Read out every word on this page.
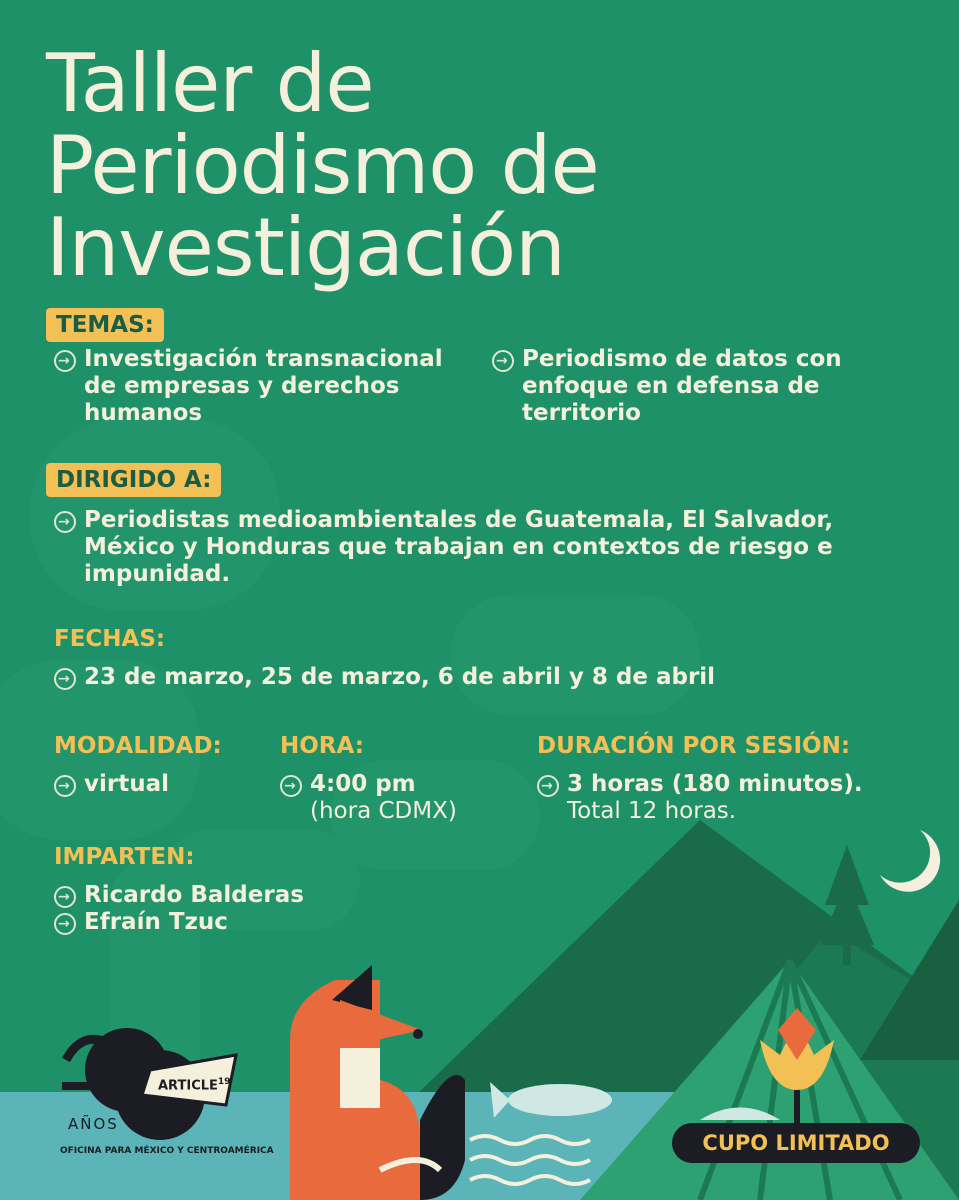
Taller de
Periodismo de
Investigación
TEMAS:
→
Investigación transnacional de empresas y derechos humanos
→
Periodismo de datos con enfoque en defensa de territorio
DIRIGIDO A:
→
Periodistas medioambientales de Guatemala, El Salvador, México y Honduras que trabajan en contextos de riesgo e impunidad.
FECHAS:
→
23 de marzo, 25 de marzo, 6 de abril y 8 de abril
MODALIDAD:
→
virtual
HORA:
→
4:00 pm
(hora CDMX)
DURACIÓN POR SESIÓN:
→
3 horas (180 minutos).
Total 12 horas.
IMPARTEN:
→
Ricardo Balderas
→
Efraín Tzuc
ARTICLE$^{19}$
AÑOS
OFICINA PARA MÉXICO Y CENTROAMÉRICA	CUPO LIMITADO
